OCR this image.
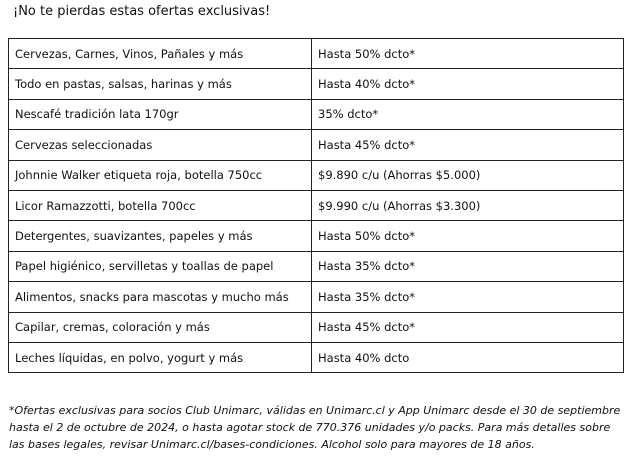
¡No te pierdas estas ofertas exclusivas!
Cervezas, Carnes, Vinos, Pañales y más	Hasta 50% dcto*
Todo en pastas, salsas, harinas y más	Hasta 40% dcto*
Nescafé tradición lata 170gr	35% dcto*
Cervezas seleccionadas	Hasta 45% dcto*
Johnnie Walker etiqueta roja, botella 750cc	$9.890 c/u (Ahorras $5.000)
Licor Ramazzotti, botella 700cc	$9.990 c/u (Ahorras $3.300)
Detergentes, suavizantes, papeles y más	Hasta 50% dcto*
Papel higiénico, servilletas y toallas de papel	Hasta 35% dcto*
Alimentos, snacks para mascotas y mucho más	Hasta 35% dcto*
Capilar, cremas, coloración y más	Hasta 45% dcto*
Leches líquidas, en polvo, yogurt y más	Hasta 40% dcto
*Ofertas exclusivas para socios Club Unimarc, válidas en Unimarc.cl y App Unimarc desde el 30 de septiembre hasta el 2 de octubre de 2024, o hasta agotar stock de 770.376 unidades y/o packs. Para más detalles sobre las bases legales, revisar Unimarc.cl/bases-condiciones. Alcohol solo para mayores de 18 años.
